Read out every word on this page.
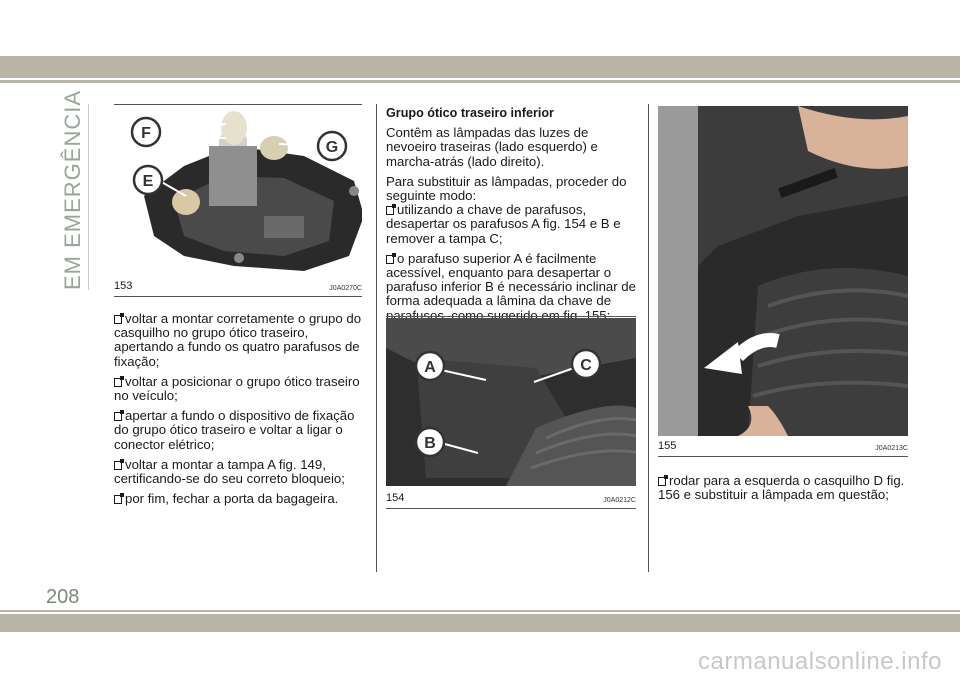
EM EMERGÊNCIA	F
G
E
153	J0A0270C

voltar a montar corretamente o grupo do casquilho no grupo ótico traseiro, apertando a fundo os quatro parafusos de fixação;

voltar a posicionar o grupo ótico traseiro no veículo;

apertar a fundo o dispositivo de fixação do grupo ótico traseiro e voltar a ligar o conector elétrico;

voltar a montar a tampa A fig. 149, certificando-se do seu correto bloqueio;

por fim, fechar a porta da bagageira.

Grupo ótico traseiro inferior

Contêm as lâmpadas das luzes de nevoeiro traseiras (lado esquerdo) e marcha-atrás (lado direito).

Para substituir as lâmpadas, proceder do seguinte modo:

utilizando a chave de parafusos, desapertar os parafusos A fig. 154 e B e remover a tampa C;

o parafuso superior A é facilmente acessível, enquanto para desapertar o parafuso inferior B é necessário inclinar de forma adequada a lâmina da chave de

A	C
B
154	J0A0212C
155	J0A0213C

rodar para a esquerda o casquilho D fig. 156 e substituir a lâmpada em questão;

208
carmanualsonline.info
